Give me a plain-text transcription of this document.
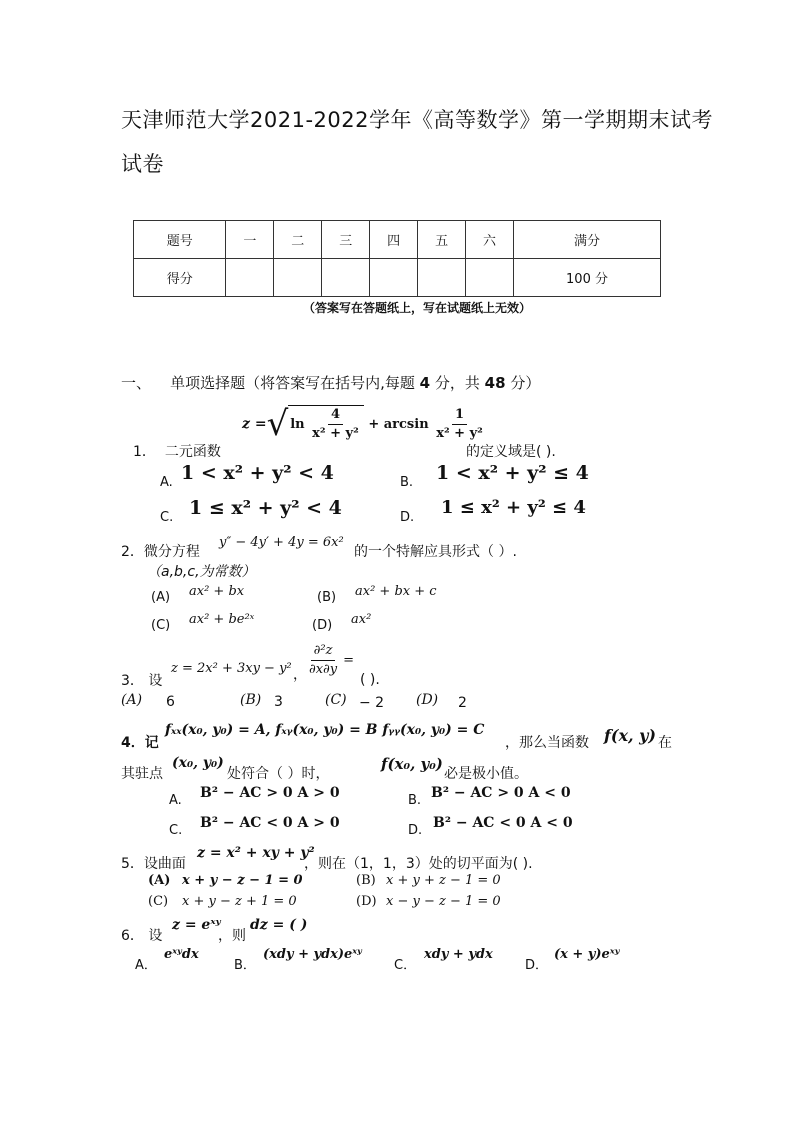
天津师范大学2021-2022学年《高等数学》第一学期期末试考
试卷
题号	一	二	三	四	五	六	满分
得分							100 分
（答案写在答题纸上，写在试题纸上无效）
一、 单项选择题（将答案写在括号内,每题 4 分，共 48 分）
1． 二元函数
z = √ ln
$\frac{4}{\text{x² + y²}}$
+ arcsin
$\frac{1}{\text{x² + y²}}$
的定义域是( ).
A. 1 < x² + y² < 4	B. 1 < x² + y² ≤ 4
C. 1 ≤ x² + y² < 4	D. 1 ≤ x² + y² ≤ 4
2．微分方程
y″ − 4y′ + 4y = 6x²
的一个特解应具形式（ ）.
（a,b,c,为常数）
(A) ax² + bx	(B) ax² + bx + c
(C) ax² + be²ˣ	(D) ax²
3． 设
z = 2x² + 3xy − y² ， $\frac{\text{∂²z}}{\partial x\partial y}$ =
( ).
(A) 6	(B) 3	(C) − 2 (D) 2
4．记
fₓₓ(x₀, y₀) = A, fₓᵧ(x₀, y₀) = B fᵧᵧ(x₀, y₀) = C
，那么当函数 f(x, y) 在
其驻点
(x₀, y₀)
处符合（ ）时，
f(x₀, y₀)
必是极小值。
A. B² − AC > 0 A > 0	B. B² − AC > 0 A < 0
C. B² − AC < 0 A > 0	D. B² − AC < 0 A < 0
5．设曲面
z = x² + xy + y²
，则在（1，1，3）处的切平面为( ).
(A) x + y − z − 1 = 0	(B) x + y + z − 1 = 0
(C) x + y − z + 1 = 0	(D) x − y − z − 1 = 0
6． 设
z = eˣʸ
，则
dz = ( )
A．
eˣʸdx
B．
(xdy + ydx)eˣʸ
C．
xdy + ydx
D．
(x + y)eˣʸ
